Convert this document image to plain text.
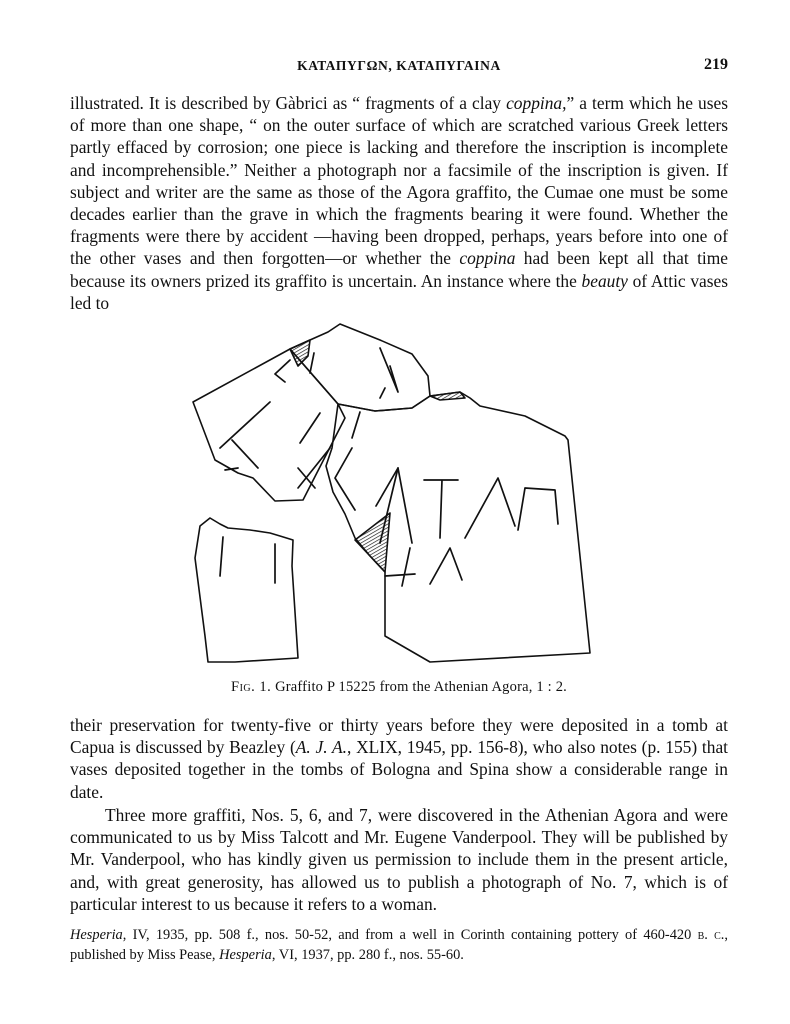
ΚΑΤΑΠΥΓΩΝ, ΚΑΤΑΠΥΓΑΙΝΑ	219

illustrated. It is described by Gàbrici as “ fragments of a clay coppina,” a term which he uses of more than one shape, “ on the outer surface of which are scratched various Greek letters partly effaced by corrosion; one piece is lacking and therefore the inscription is incomplete and incomprehensible.” Neither a photograph nor a facsimile of the inscription is given. If subject and writer are the same as those of the Agora graffito, the Cumae one must be some decades earlier than the grave in which the fragments bearing it were found. Whether the fragments were there by accident —having been dropped, perhaps, years before into one of the other vases and then forgotten—or whether the coppina had been kept all that time because its owners prized its graffito is uncertain. An instance where the beauty of Attic vases led to

Fig. 1. Graffito P 15225 from the Athenian Agora, 1 : 2.

their preservation for twenty-five or thirty years before they were deposited in a tomb at Capua is discussed by Beazley (A. J. A., XLIX, 1945, pp. 156-8), who also notes (p. 155) that vases deposited together in the tombs of Bologna and Spina show a considerable range in date.

Three more graffiti, Nos. 5, 6, and 7, were discovered in the Athenian Agora and were communicated to us by Miss Talcott and Mr. Eugene Vanderpool. They will be published by Mr. Vanderpool, who has kindly given us permission to include them in the present article, and, with great generosity, has allowed us to publish a photograph of No. 7, which is of particular interest to us because it refers to a woman.

Hesperia, IV, 1935, pp. 508 f., nos. 50-52, and from a well in Corinth containing pottery of 460-420 b. c., published by Miss Pease, Hesperia, VI, 1937, pp. 280 f., nos. 55-60.
